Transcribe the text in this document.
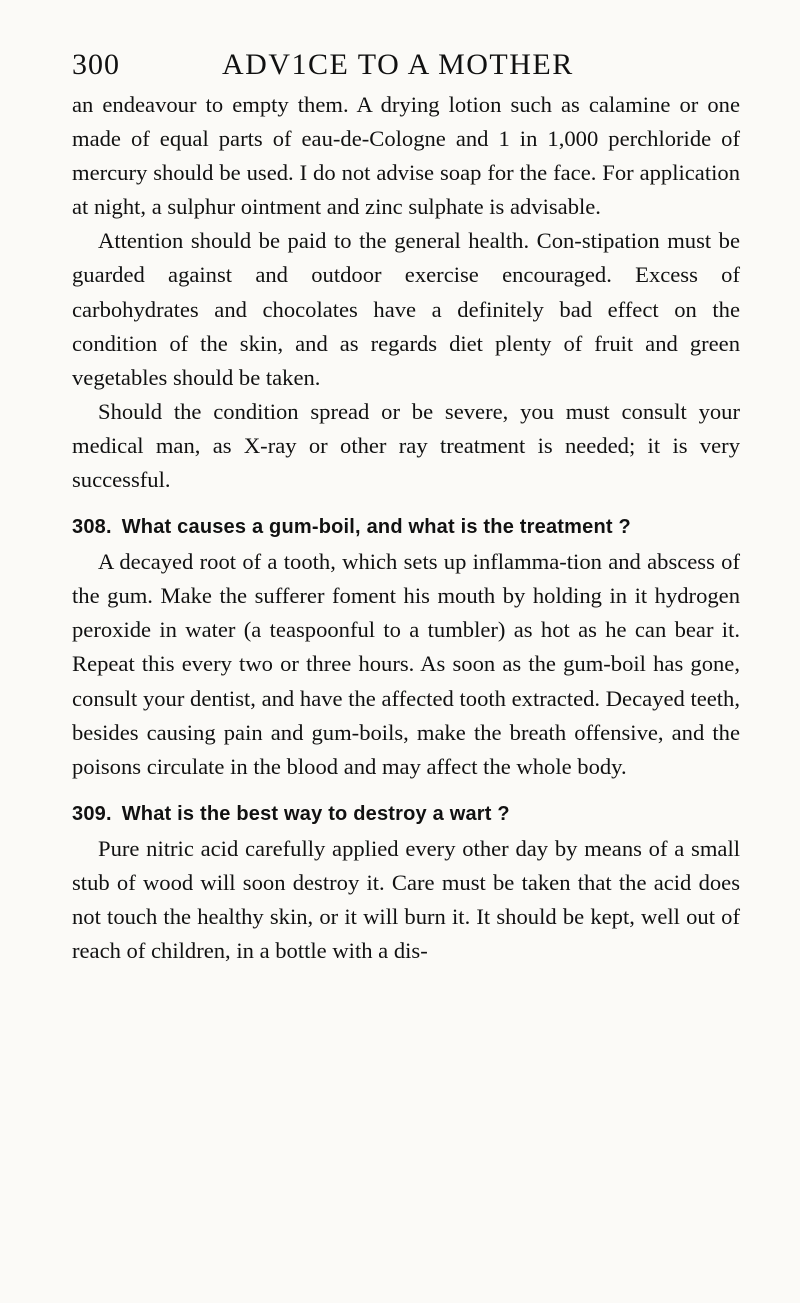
300	ADV1CE TO A MOTHER

an endeavour to empty them. A drying lotion such as calamine or one made of equal parts of eau-de-Cologne and 1 in 1,000 perchloride of mercury should be used. I do not advise soap for the face. For application at night, a sulphur ointment and zinc sulphate is advisable.

Attention should be paid to the general health. Con-stipation must be guarded against and outdoor exercise encouraged. Excess of carbohydrates and chocolates have a definitely bad effect on the condition of the skin, and as regards diet plenty of fruit and green vegetables should be taken.

Should the condition spread or be severe, you must consult your medical man, as X-ray or other ray treatment is needed; it is very successful.

308. What causes a gum-boil, and what is the treatment ?

A decayed root of a tooth, which sets up inflamma-tion and abscess of the gum. Make the sufferer foment his mouth by holding in it hydrogen peroxide in water (a teaspoonful to a tumbler) as hot as he can bear it. Repeat this every two or three hours. As soon as the gum-boil has gone, consult your dentist, and have the affected tooth extracted. Decayed teeth, besides causing pain and gum-boils, make the breath offensive, and the poisons circulate in the blood and may affect the whole body.

309. What is the best way to destroy a wart ?

Pure nitric acid carefully applied every other day by means of a small stub of wood will soon destroy it. Care must be taken that the acid does not touch the healthy skin, or it will burn it. It should be kept, well out of reach of children, in a bottle with a dis-
